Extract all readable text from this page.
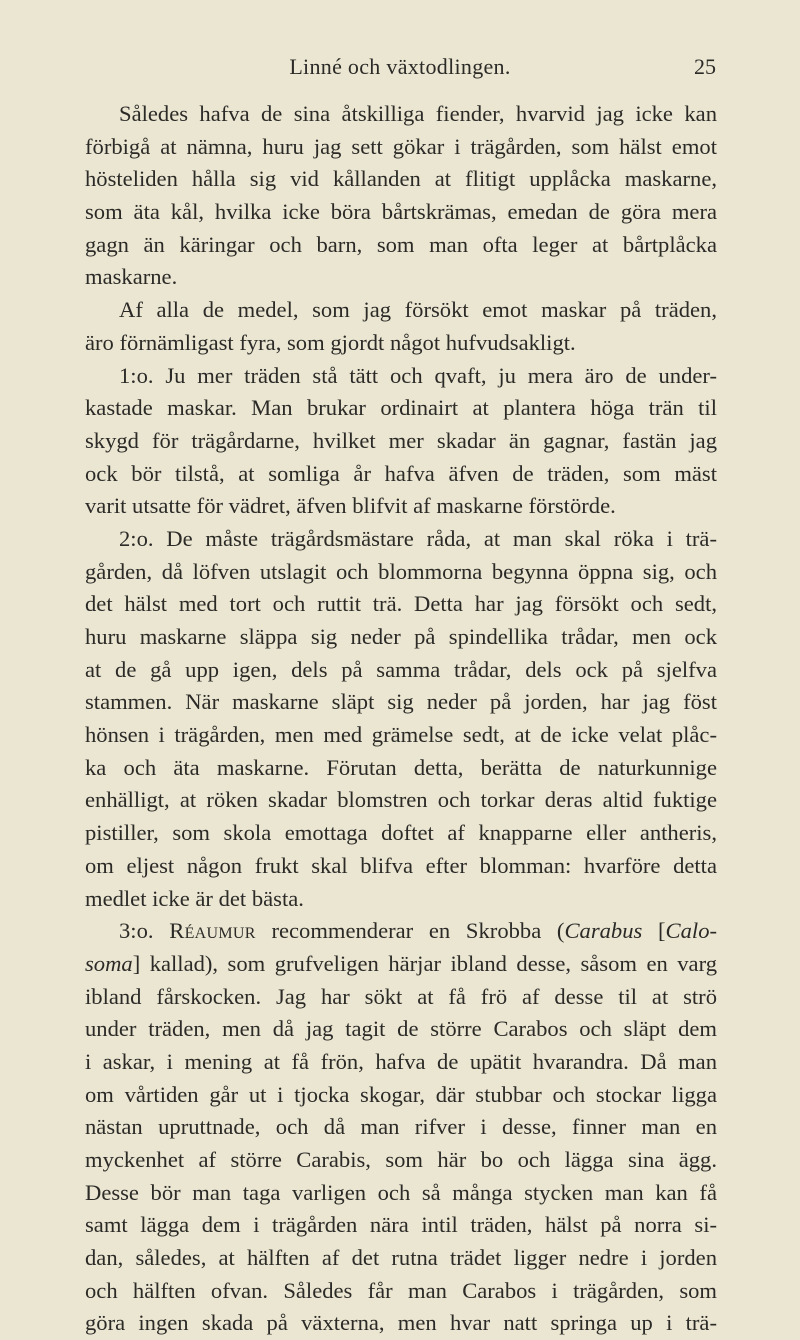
Linné och växtodlingen.	25
Således hafva de sina åtskilliga fiender, hvarvid jag icke kan
förbigå at nämna, huru jag sett gökar i trägården, som hälst emot
hösteliden hålla sig vid kållanden at flitigt upplåcka maskarne,
som äta kål, hvilka icke böra bårtskrämas, emedan de göra mera
gagn än käringar och barn, som man ofta leger at bårtplåcka
maskarne.
Af alla de medel, som jag försökt emot maskar på träden,
äro förnämligast fyra, som gjordt något hufvudsakligt.
1:o. Ju mer träden stå tätt och qvaft, ju mera äro de under-
kastade maskar. Man brukar ordinairt at plantera höga trän til
skygd för trägårdarne, hvilket mer skadar än gagnar, fastän jag
ock bör tilstå, at somliga år hafva äfven de träden, som mäst
varit utsatte för vädret, äfven blifvit af maskarne förstörde.
2:o. De måste trägårdsmästare råda, at man skal röka i trä-
gården, då löfven utslagit och blommorna begynna öppna sig, och
det hälst med tort och ruttit trä. Detta har jag försökt och sedt,
huru maskarne släppa sig neder på spindellika trådar, men ock
at de gå upp igen, dels på samma trådar, dels ock på sjelfva
stammen. När maskarne släpt sig neder på jorden, har jag föst
hönsen i trägården, men med grämelse sedt, at de icke velat plåc-
ka och äta maskarne. Förutan detta, berätta de naturkunnige
enhälligt, at röken skadar blomstren och torkar deras altid fuktige
pistiller, som skola emottaga doftet af knapparne eller antheris,
om eljest någon frukt skal blifva efter blomman: hvarföre detta
medlet icke är det bästa.
3:o. Réaumur recommenderar en Skrobba (Carabus [Calo-
soma] kallad), som grufveligen härjar ibland desse, såsom en varg
ibland fårskocken. Jag har sökt at få frö af desse til at strö
under träden, men då jag tagit de större Carabos och släpt dem
i askar, i mening at få frön, hafva de upätit hvarandra. Då man
om vårtiden går ut i tjocka skogar, där stubbar och stockar ligga
nästan upruttnade, och då man rifver i desse, finner man en
myckenhet af större Carabis, som här bo och lägga sina ägg.
Desse bör man taga varligen och så många stycken man kan få
samt lägga dem i trägården nära intil träden, hälst på norra si-
dan, således, at hälften af det rutna trädet ligger nedre i jorden
och hälften ofvan. Således får man Carabos i trägården, som
göra ingen skada på växterna, men hvar natt springa up i trä-
